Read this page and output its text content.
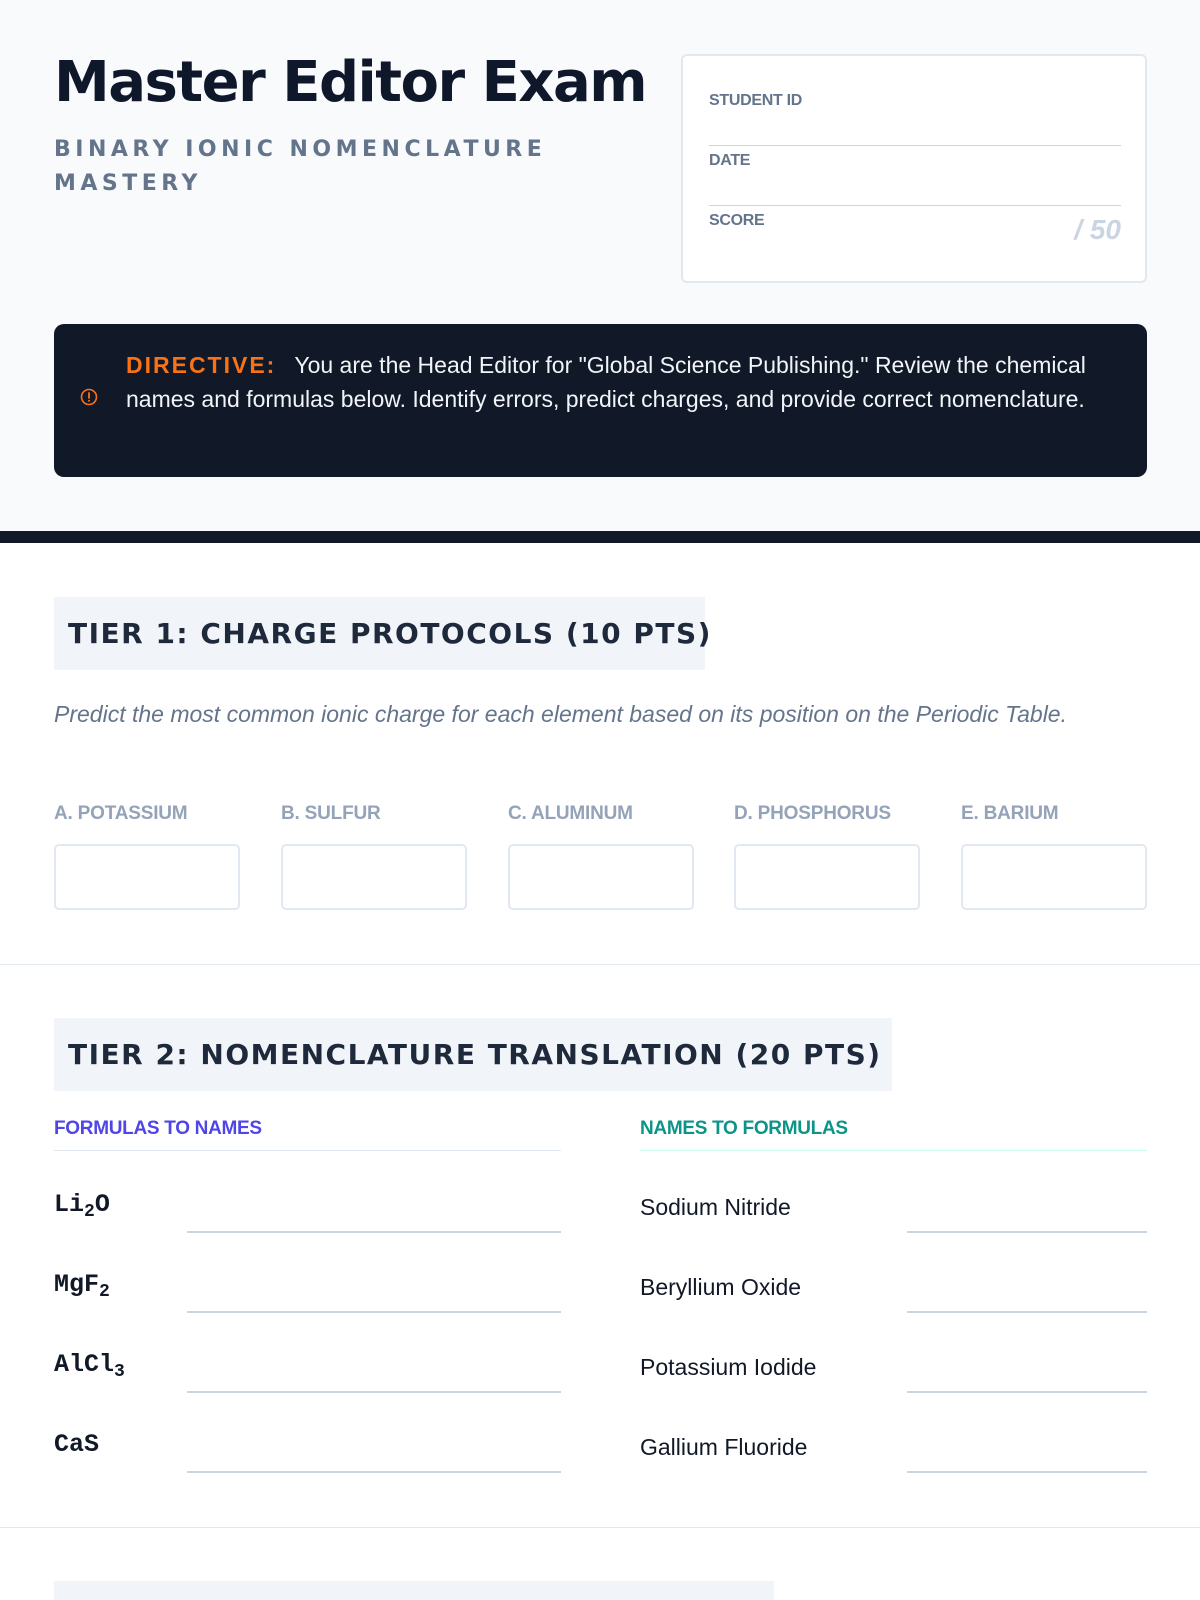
Master Editor Exam
BINARY IONIC NOMENCLATURE MASTERY
STUDENT ID
DATE
SCORE	/ 50
DIRECTIVE: You are the Head Editor for "Global Science Publishing." Review the chemical names and formulas below. Identify errors, predict charges, and provide correct nomenclature.
TIER 1: CHARGE PROTOCOLS (10 PTS)
Predict the most common ionic charge for each element based on its position on the Periodic Table.
A. POTASSIUM	B. SULFUR	C. ALUMINUM	D. PHOSPHORUS	E. BARIUM
TIER 2: NOMENCLATURE TRANSLATION (20 PTS)
FORMULAS TO NAMES	NAMES TO FORMULAS
$Li_2O$
MgF$_2$
AlCl$_3$
CaS
Sodium Nitride
Beryllium Oxide
Potassium Iodide
Gallium Fluoride
